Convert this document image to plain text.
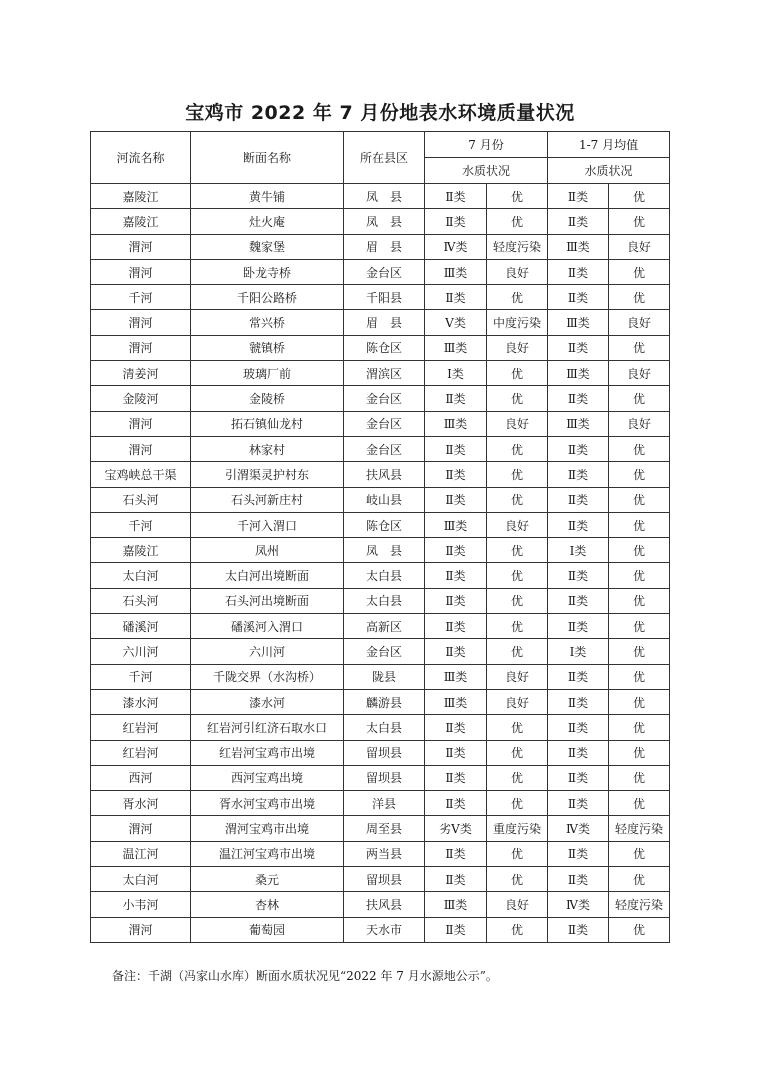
宝鸡市 2022 年 7 月份地表水环境质量状况
河流名称	断面名称	所在县区	7 月份		1-7 月均值	
			水质状况		水质状况	
嘉陵江	黄牛铺	凤　县	Ⅱ类	优	Ⅱ类	优
嘉陵江	灶火庵	凤　县	Ⅱ类	优	Ⅱ类	优
渭河	魏家堡	眉　县	Ⅳ类	轻度污染	Ⅲ类	良好
渭河	卧龙寺桥	金台区	Ⅲ类	良好	Ⅱ类	优
千河	千阳公路桥	千阳县	Ⅱ类	优	Ⅱ类	优
渭河	常兴桥	眉　县	Ⅴ类	中度污染	Ⅲ类	良好
渭河	虢镇桥	陈仓区	Ⅲ类	良好	Ⅱ类	优
清姜河	玻璃厂前	渭滨区	Ⅰ类	优	Ⅲ类	良好
金陵河	金陵桥	金台区	Ⅱ类	优	Ⅱ类	优
渭河	拓石镇仙龙村	金台区	Ⅲ类	良好	Ⅲ类	良好
渭河	林家村	金台区	Ⅱ类	优	Ⅱ类	优
宝鸡峡总干渠	引渭渠灵护村东	扶风县	Ⅱ类	优	Ⅱ类	优
石头河	石头河新庄村	岐山县	Ⅱ类	优	Ⅱ类	优
千河	千河入渭口	陈仓区	Ⅲ类	良好	Ⅱ类	优
嘉陵江	凤州	凤　县	Ⅱ类	优	Ⅰ类	优
太白河	太白河出境断面	太白县	Ⅱ类	优	Ⅱ类	优
石头河	石头河出境断面	太白县	Ⅱ类	优	Ⅱ类	优
磻溪河	磻溪河入渭口	高新区	Ⅱ类	优	Ⅱ类	优
六川河	六川河	金台区	Ⅱ类	优	Ⅰ类	优
千河	千陇交界（水沟桥）	陇县	Ⅲ类	良好	Ⅱ类	优
漆水河	漆水河	麟游县	Ⅲ类	良好	Ⅱ类	优
红岩河	红岩河引红济石取水口	太白县	Ⅱ类	优	Ⅱ类	优
红岩河	红岩河宝鸡市出境	留坝县	Ⅱ类	优	Ⅱ类	优
西河	西河宝鸡出境	留坝县	Ⅱ类	优	Ⅱ类	优
胥水河	胥水河宝鸡市出境	洋县	Ⅱ类	优	Ⅱ类	优
渭河	渭河宝鸡市出境	周至县	劣Ⅴ类	重度污染	Ⅳ类	轻度污染
温江河	温江河宝鸡市出境	两当县	Ⅱ类	优	Ⅱ类	优
太白河	桑元	留坝县	Ⅱ类	优	Ⅱ类	优
小韦河	杏林	扶风县	Ⅲ类	良好	Ⅳ类	轻度污染
渭河	葡萄园	天水市	Ⅱ类	优	Ⅱ类	优
备注：千湖（冯家山水库）断面水质状况见“2022 年 7 月水源地公示”。
